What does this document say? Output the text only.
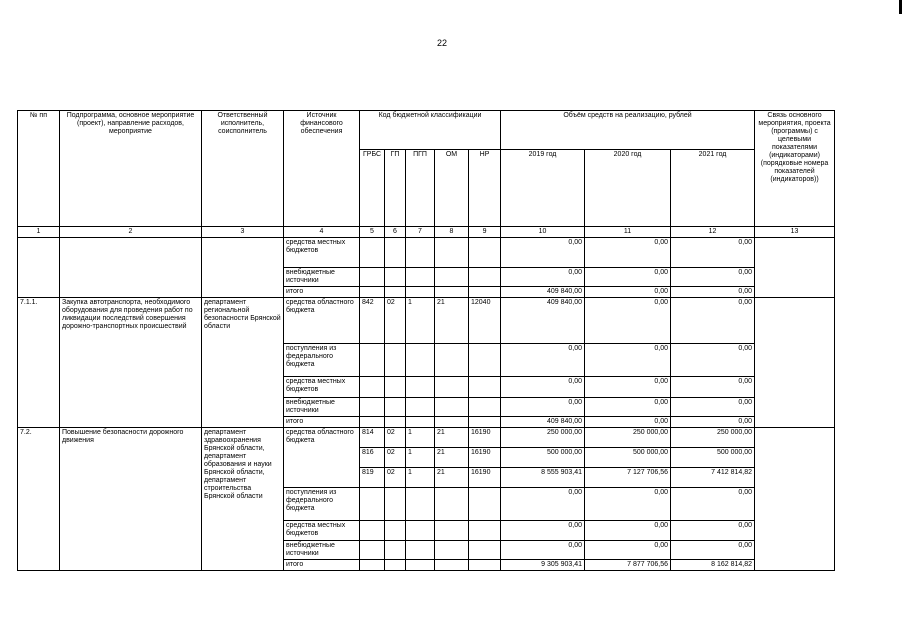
22
№ пп	Подпрограмма, основное мероприятие (проект), направление расходов, мероприятие	Ответственный исполнитель, соисполнитель	Источник финансового обеспечения	Код бюджетной классификации					Объём средств на реализацию, рублей			Связь основного мероприятия, проекта (программы) с целевыми показателями (индикаторами) (порядковые номера показателей (индикаторов))
				ГРБС	ГП	ПГП	ОМ	НР	2019 год	2020 год	2021 год	
1	2	3	4	5	6	7	8	9	10	11	12	13
			средства местных бюджетов						0,00	0,00	0,00	
			внебюджетные источники						0,00	0,00	0,00	
			итого						409 840,00	0,00	0,00	
7.1.1.	Закупка автотранспорта, необходимого оборудования для проведения работ по ликвидации последствий совершения дорожно-транспортных происшествий	департамент региональной безопасности Брянской области	средства областного бюджета	842	02	1	21	12040	409 840,00	0,00	0,00	
			поступления из федерального бюджета						0,00	0,00	0,00	
			средства местных бюджетов						0,00	0,00	0,00	
			внебюджетные источники						0,00	0,00	0,00	
			итого						409 840,00	0,00	0,00	
7.2.	Повышение безопасности дорожного движения	департамент здравоохранения Брянской области, департамент образования и науки Брянской области, департамент строительства Брянской области	средства областного бюджета	814	02	1	21	16190	250 000,00	250 000,00	250 000,00	
				816	02	1	21	16190	500 000,00	500 000,00	500 000,00	
				819	02	1	21	16190	8 555 903,41	7 127 706,56	7 412 814,82	
			поступления из федерального бюджета						0,00	0,00	0,00	
			средства местных бюджетов						0,00	0,00	0,00	
			внебюджетные источники						0,00	0,00	0,00	
			итого						9 305 903,41	7 877 706,56	8 162 814,82	
